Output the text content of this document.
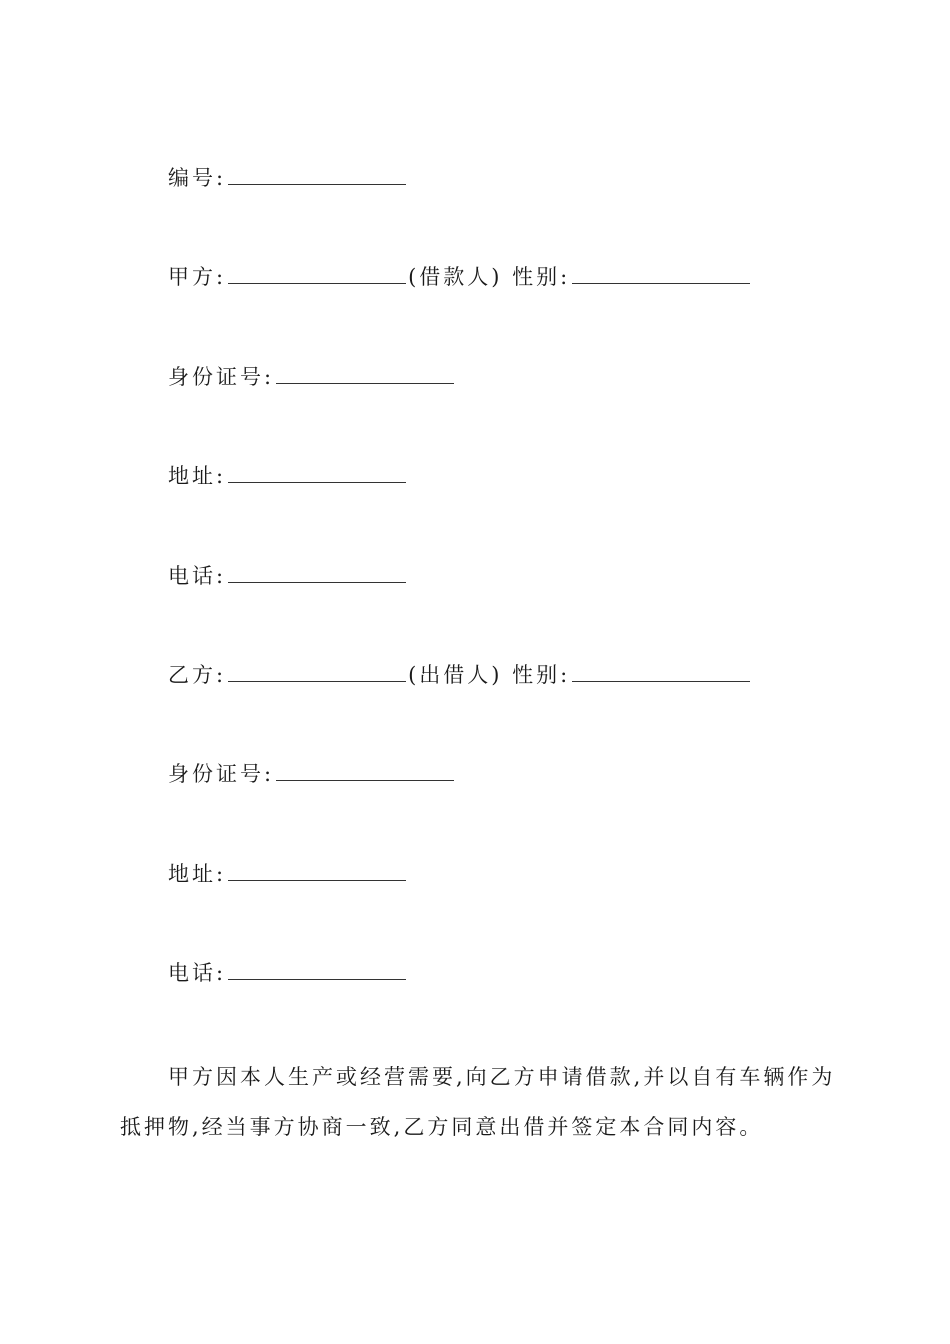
编号:
甲方:	(借款人) 性别:
身份证号:
地址:
电话:
乙方:	(出借人) 性别:
身份证号:
地址:
电话:

甲方因本人生产或经营需要,向乙方申请借款,并以自有车辆作为抵押物,经当事方协商一致,乙方同意出借并签定本合同内容。
